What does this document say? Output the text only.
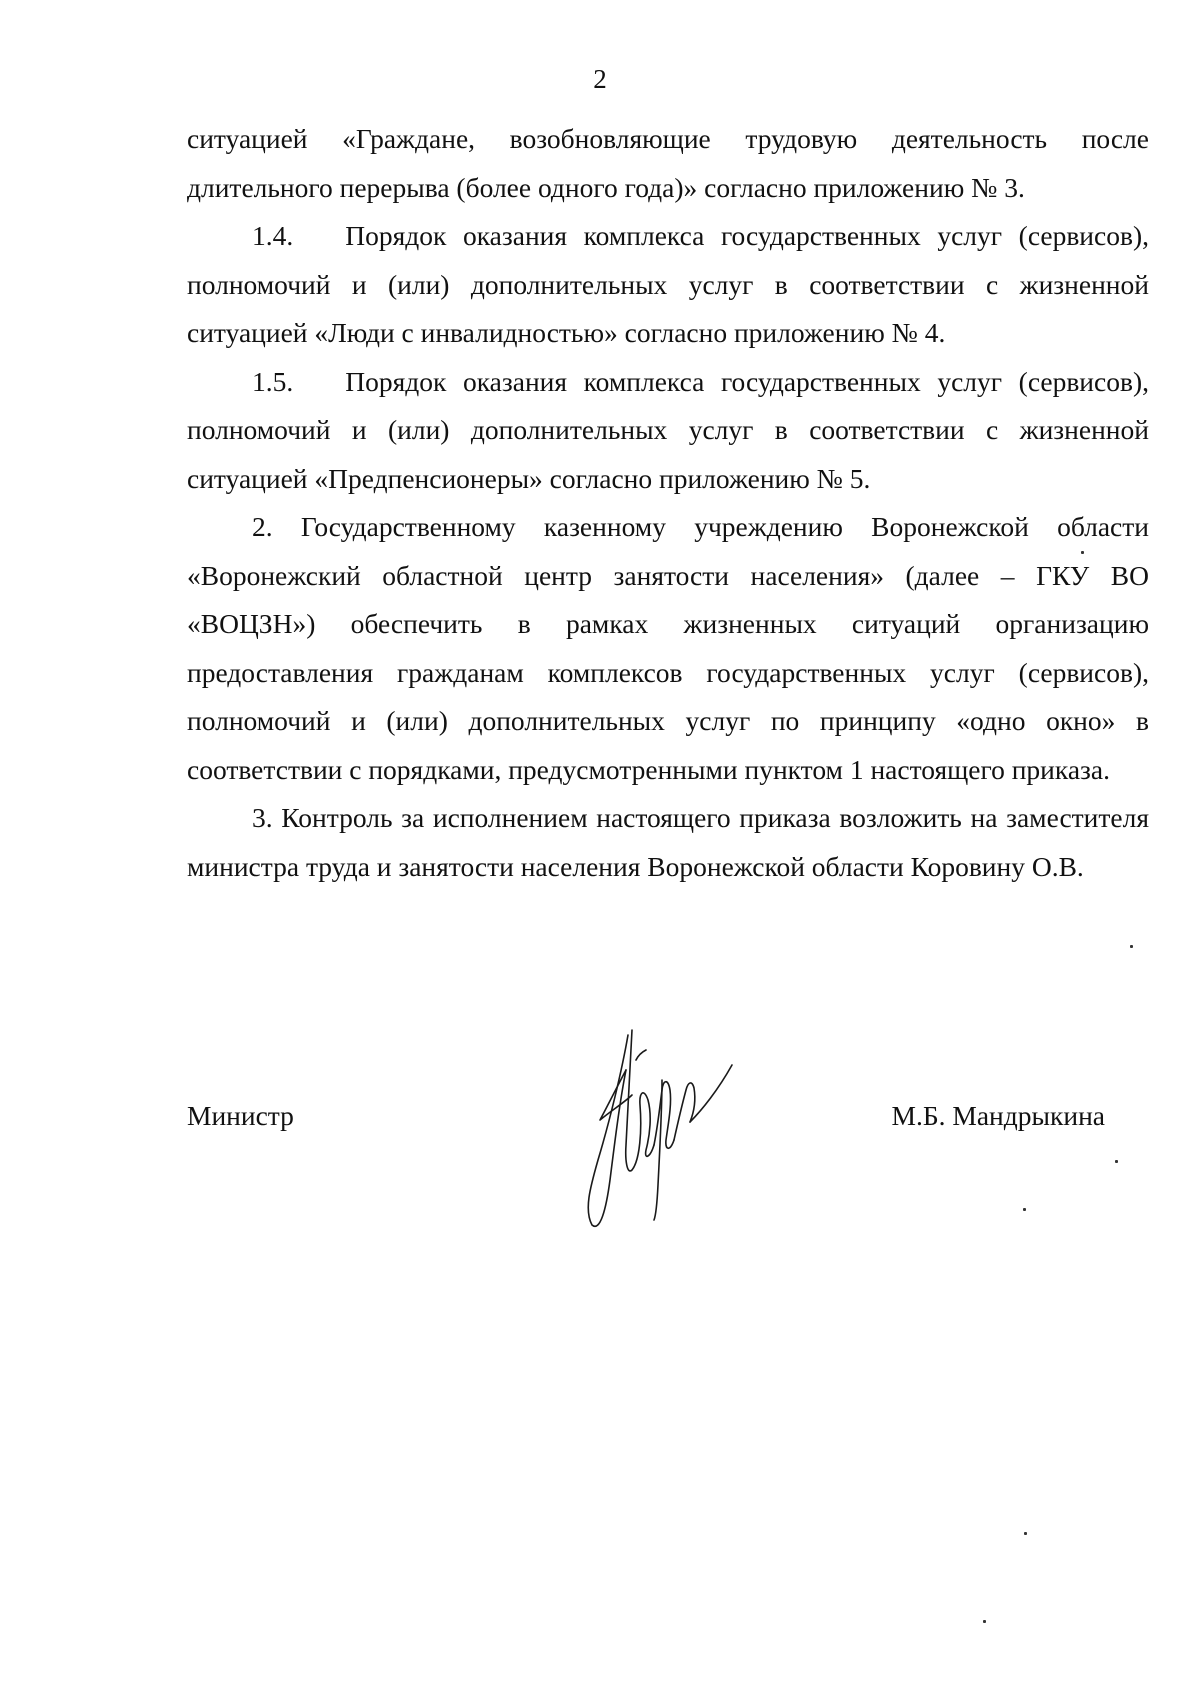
2

ситуацией «Граждане, возобновляющие трудовую деятельность после длительного перерыва (более одного года)» согласно приложению № 3.

1.4. Порядок оказания комплекса государственных услуг (сервисов), полномочий и (или) дополнительных услуг в соответствии с жизненной ситуацией «Люди с инвалидностью» согласно приложению № 4.

1.5. Порядок оказания комплекса государственных услуг (сервисов), полномочий и (или) дополнительных услуг в соответствии с жизненной ситуацией «Предпенсионеры» согласно приложению № 5.

2. Государственному казенному учреждению Воронежской области «Воронежский областной центр занятости населения» (далее – ГКУ ВО «ВОЦЗН») обеспечить в рамках жизненных ситуаций организацию предоставления гражданам комплексов государственных услуг (сервисов), полномочий и (или) дополнительных услуг по принципу «одно окно» в соответствии с порядками, предусмотренными пунктом 1 настоящего приказа.

3. Контроль за исполнением настоящего приказа возложить на заместителя министра труда и занятости населения Воронежской области Коровину О.В.

Министр	М.Б. Мандрыкина
